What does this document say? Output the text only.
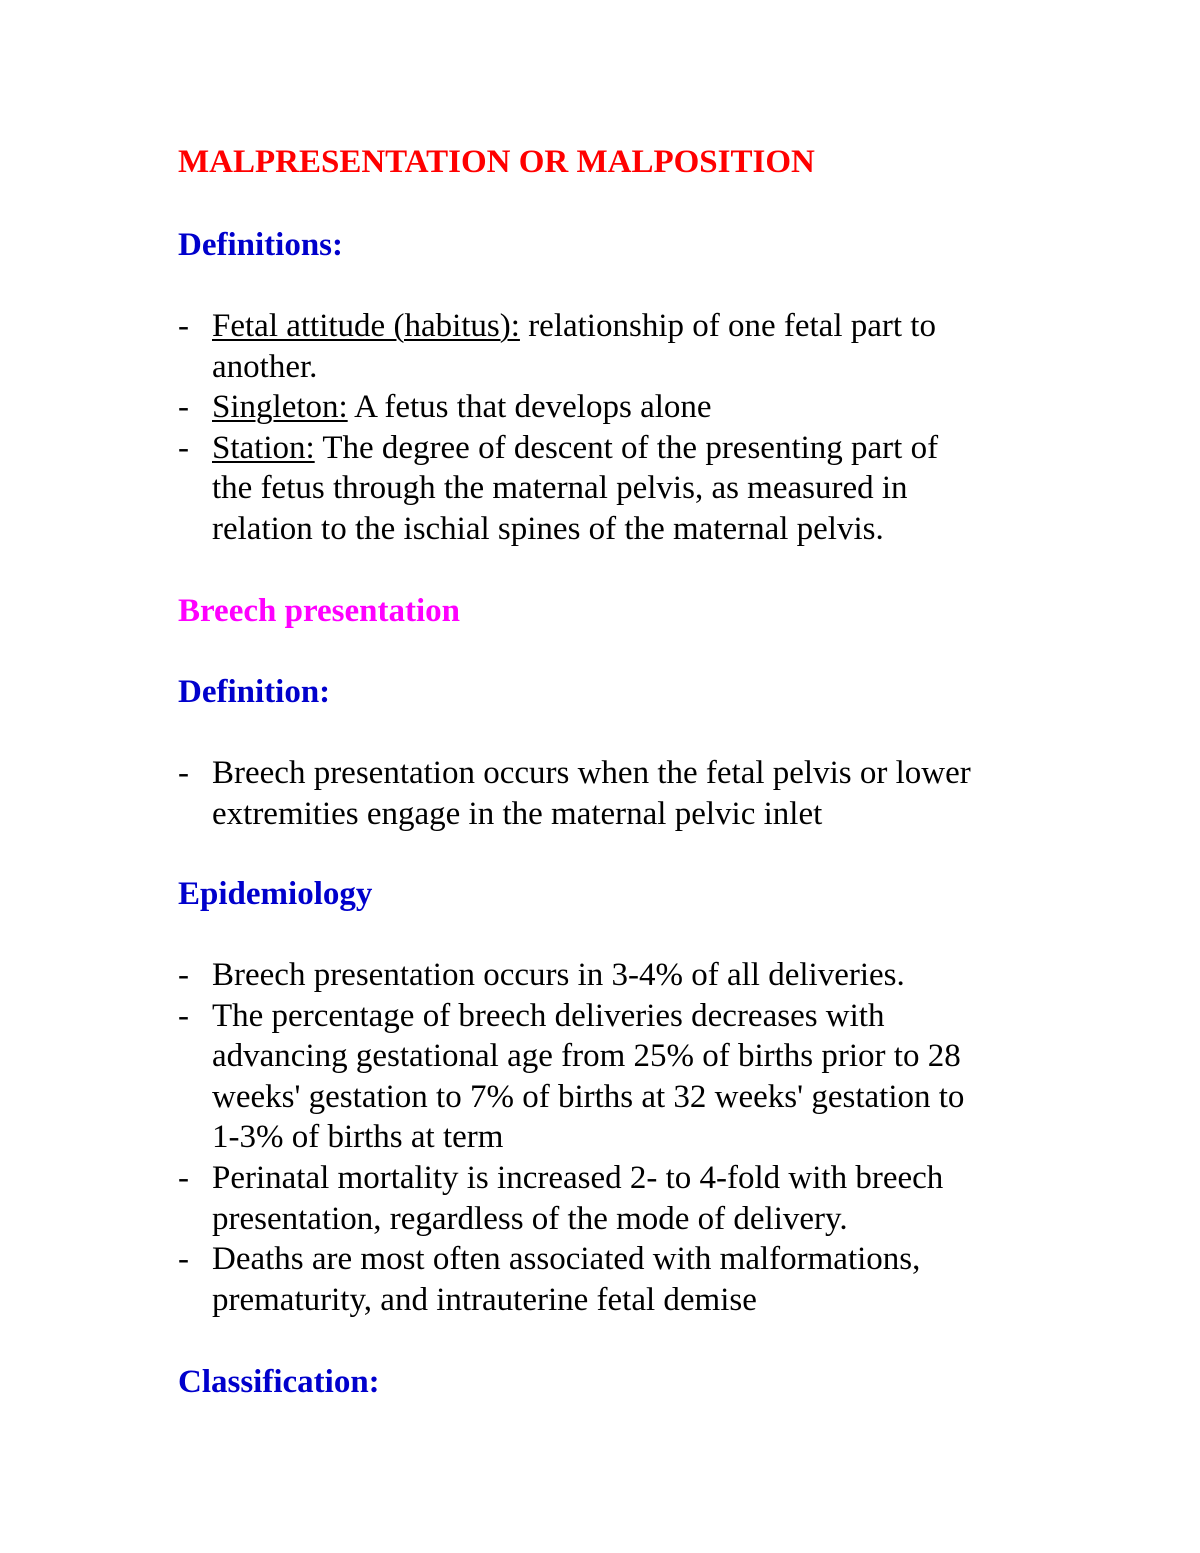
MALPRESENTATION OR MALPOSITION
Definitions:
- Fetal attitude (habitus): relationship of one fetal part to
another.
- Singleton: A fetus that develops alone
- Station: The degree of descent of the presenting part of
the fetus through the maternal pelvis, as measured in
relation to the ischial spines of the maternal pelvis.
Breech presentation
Definition:
- Breech presentation occurs when the fetal pelvis or lower
extremities engage in the maternal pelvic inlet
Epidemiology
- Breech presentation occurs in 3-4% of all deliveries.
- The percentage of breech deliveries decreases with
advancing gestational age from 25% of births prior to 28
weeks' gestation to 7% of births at 32 weeks' gestation to
1-3% of births at term
- Perinatal mortality is increased 2- to 4-fold with breech
presentation, regardless of the mode of delivery.
- Deaths are most often associated with malformations,
prematurity, and intrauterine fetal demise
Classification:
